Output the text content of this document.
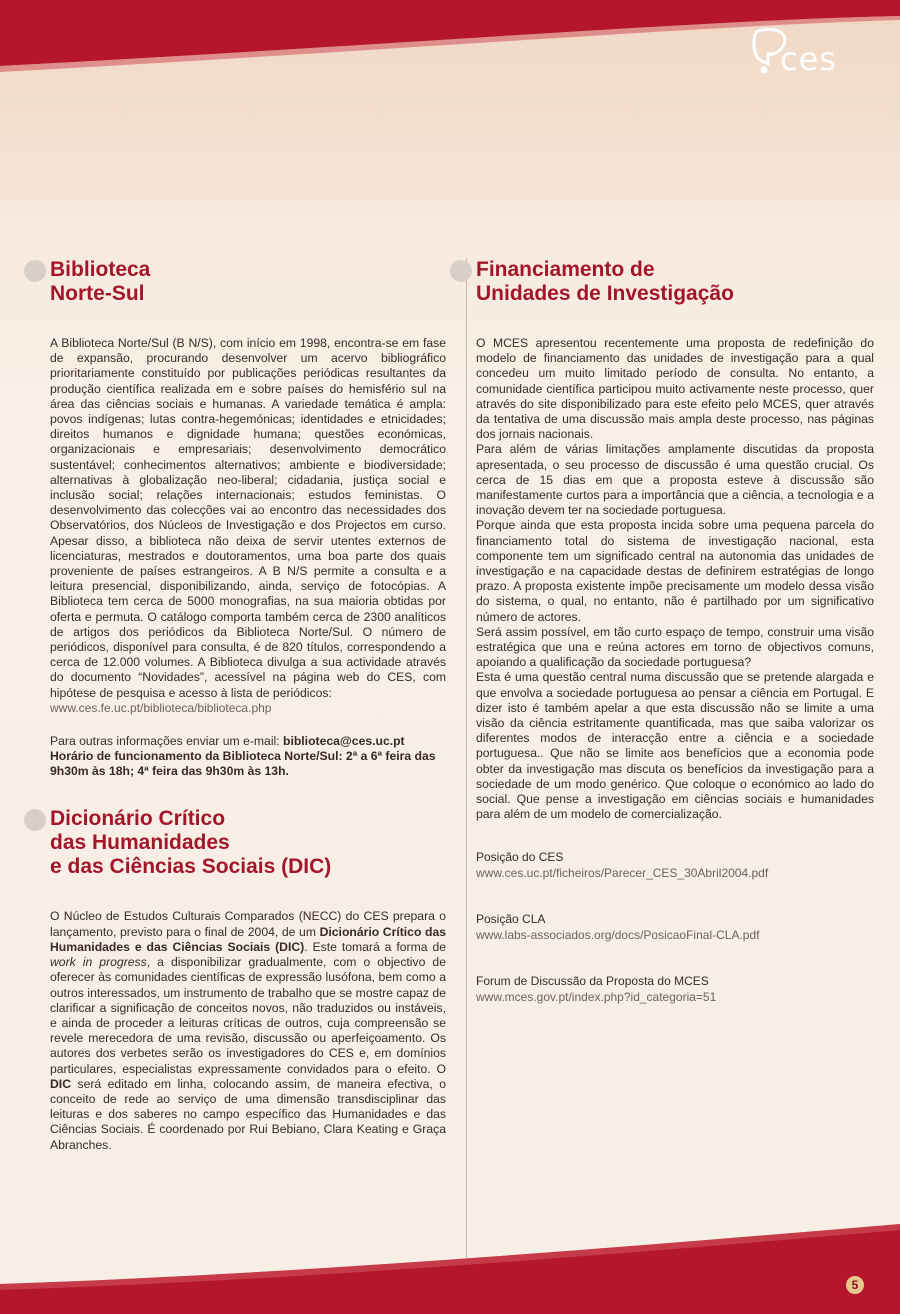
ces
Biblioteca
Norte-Sul

A Biblioteca Norte/Sul (B N/S), com início em 1998, encontra-se em fase de expansão, procurando desenvolver um acervo bibliográfico prioritariamente constituído por publicações periódicas resultantes da produção científica realizada em e sobre países do hemisfério sul na área das ciências sociais e humanas. A variedade temática é ampla: povos indígenas; lutas contra-hegemónicas; identidades e etnicidades; direitos humanos e dignidade humana; questões económicas, organizacionais e empresariais; desenvolvimento democrático sustentável; conhecimentos alternativos; ambiente e biodiversidade; alternativas à globalização neo-liberal; cidadania, justiça social e inclusão social; relações internacionais; estudos feministas. O desenvolvimento das colecções vai ao encontro das necessidades dos Observatórios, dos Núcleos de Investigação e dos Projectos em curso. Apesar disso, a biblioteca não deixa de servir utentes externos de licenciaturas, mestrados e doutoramentos, uma boa parte dos quais proveniente de países estrangeiros. A B N/S permite a consulta e a leitura presencial, disponibilizando, ainda, serviço de fotocópias. A Biblioteca tem cerca de 5000 monografias, na sua maioria obtidas por oferta e permuta. O catálogo comporta também cerca de 2300 analíticos de artigos dos periódicos da Biblioteca Norte/Sul. O número de periódicos, disponível para consulta, é de 820 títulos, correspondendo a cerca de 12.000 volumes. A Biblioteca divulga a sua actividade através do documento “Novidades”, acessível na página web do CES, com hipótese de pesquisa e acesso à lista de periódicos:

www.ces.fe.uc.pt/biblioteca/biblioteca.php
Para outras informações enviar um e-mail: biblioteca@ces.uc.pt
Horário de funcionamento da Biblioteca Norte/Sul: 2ª a 6ª feira das 9h30m às 18h; 4ª feira das 9h30m às 13h.
Dicionário Crítico
das Humanidades
e das Ciências Sociais (DIC)

O Núcleo de Estudos Culturais Comparados (NECC) do CES prepara o lançamento, previsto para o final de 2004, de um Dicionário Crítico das Humanidades e das Ciências Sociais (DIC). Este tomará a forma de work in progress, a disponibilizar gradualmente, com o objectivo de oferecer às comunidades científicas de expressão lusófona, bem como a outros interessados, um instrumento de trabalho que se mostre capaz de clarificar a significação de conceitos novos, não traduzidos ou instáveis, e ainda de proceder a leituras críticas de outros, cuja compreensão se revele merecedora de uma revisão, discussão ou aperfeiçoamento. Os autores dos verbetes serão os investigadores do CES e, em domínios particulares, especialistas expressamente convidados para o efeito. O DIC será editado em linha, colocando assim, de maneira efectiva, o conceito de rede ao serviço de uma dimensão transdisciplinar das leituras e dos saberes no campo específico das Humanidades e das Ciências Sociais. É coordenado por Rui Bebiano, Clara Keating e Graça Abranches.

Financiamento de
Unidades de Investigação

O MCES apresentou recentemente uma proposta de redefinição do modelo de financiamento das unidades de investigação para a qual concedeu um muito limitado período de consulta. No entanto, a comunidade científica participou muito activamente neste processo, quer através do site disponibilizado para este efeito pelo MCES, quer através da tentativa de uma discussão mais ampla deste processo, nas páginas dos jornais nacionais.

Para além de várias limitações amplamente discutidas da proposta apresentada, o seu processo de discussão é uma questão crucial. Os cerca de 15 dias em que a proposta esteve à discussão são manifestamente curtos para a importância que a ciência, a tecnologia e a inovação devem ter na sociedade portuguesa.

Porque ainda que esta proposta incida sobre uma pequena parcela do financiamento total do sistema de investigação nacional, esta componente tem um significado central na autonomia das unidades de investigação e na capacidade destas de definirem estratégias de longo prazo. A proposta existente impõe precisamente um modelo dessa visão do sistema, o qual, no entanto, não é partilhado por um significativo número de actores.

Será assim possível, em tão curto espaço de tempo, construir uma visão estratégica que una e reúna actores em torno de objectivos comuns, apoiando a qualificação da sociedade portuguesa?

Esta é uma questão central numa discussão que se pretende alargada e que envolva a sociedade portuguesa ao pensar a ciência em Portugal. E dizer isto é também apelar a que esta discussão não se limite a uma visão da ciência estritamente quantificada, mas que saiba valorizar os diferentes modos de interacção entre a ciência e a sociedade portuguesa.. Que não se limite aos benefícios que a economia pode obter da investigação mas discuta os benefícios da investigação para a sociedade de um modo genérico. Que coloque o económico ao lado do social. Que pense a investigação em ciências sociais e humanidades para além de um modelo de comercialização.

Posição do CES
www.ces.uc.pt/ficheiros/Parecer_CES_30Abril2004.pdf
Posição CLA
www.labs-associados.org/docs/PosicaoFinal-CLA.pdf
Forum de Discussão da Proposta do MCES
www.mces.gov.pt/index.php?id_categoria=51
5
